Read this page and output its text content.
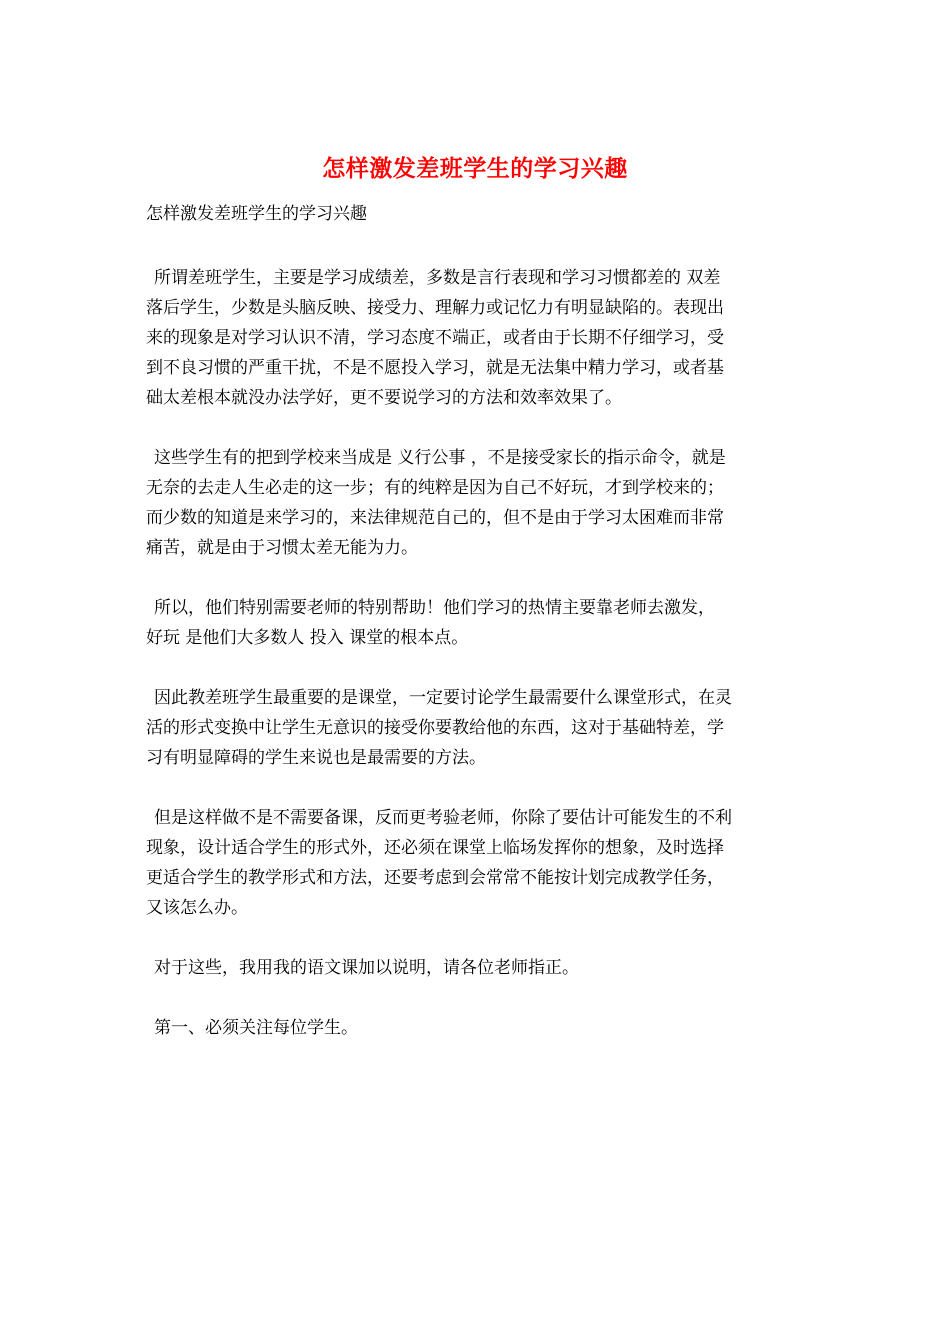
怎样激发差班学生的学习兴趣
怎样激发差班学生的学习兴趣

所谓差班学生，主要是学习成绩差，多数是言行表现和学习习惯都差的 双差
落后学生，少数是头脑反映、接受力、理解力或记忆力有明显缺陷的。表现出
来的现象是对学习认识不清，学习态度不端正，或者由于长期不仔细学习，受
到不良习惯的严重干扰，不是不愿投入学习，就是无法集中精力学习，或者基
础太差根本就没办法学好，更不要说学习的方法和效率效果了。

这些学生有的把到学校来当成是 义行公事 ，不是接受家长的指示命令，就是
无奈的去走人生必走的这一步；有的纯粹是因为自己不好玩，才到学校来的；
而少数的知道是来学习的，来法律规范自己的，但不是由于学习太困难而非常
痛苦，就是由于习惯太差无能为力。

所以，他们特别需要老师的特别帮助！他们学习的热情主要靠老师去激发，
好玩 是他们大多数人 投入 课堂的根本点。

因此教差班学生最重要的是课堂，一定要讨论学生最需要什么课堂形式，在灵
活的形式变换中让学生无意识的接受你要教给他的东西，这对于基础特差，学
习有明显障碍的学生来说也是最需要的方法。

但是这样做不是不需要备课，反而更考验老师，你除了要估计可能发生的不利
现象，设计适合学生的形式外，还必须在课堂上临场发挥你的想象，及时选择
更适合学生的教学形式和方法，还要考虑到会常常不能按计划完成教学任务，
又该怎么办。

对于这些，我用我的语文课加以说明，请各位老师指正。

第一、必须关注每位学生。
